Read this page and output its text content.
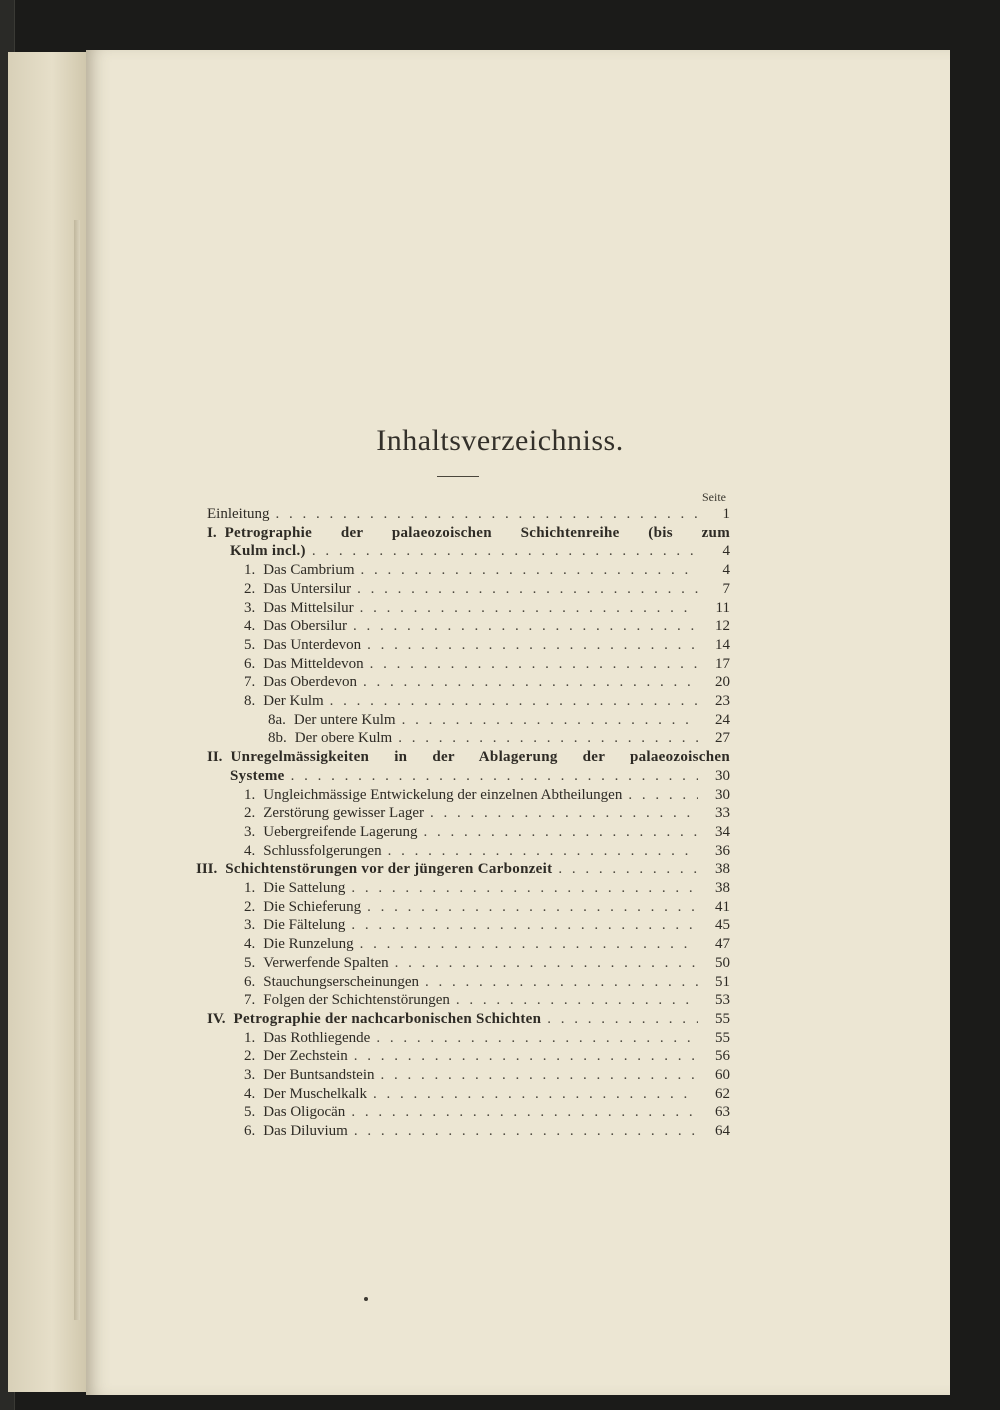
Inhaltsverzeichniss.
Seite
Einleitung . . .	1
I. Petrographie der palaeozoischen Schichtenreihe (bis zum
Kulm incl.) . . .	4
1. Das Cambrium . . .	4
2. Das Untersilur . . .	7
3. Das Mittelsilur . . .	11
4. Das Obersilur . . .	12
5. Das Unterdevon . . .	14
6. Das Mitteldevon . . .	17
7. Das Oberdevon . . .	20
8. Der Kulm . . .	23
8a. Der untere Kulm . . .	24
8b. Der obere Kulm . . .	27
II. Unregelmässigkeiten in der Ablagerung der palaeozoischen
Systeme . . .	30
1. Ungleichmässige Entwickelung der einzelnen Abtheilungen . . .	30
2. Zerstörung gewisser Lager . . .	33
3. Uebergreifende Lagerung . . .	34
4. Schlussfolgerungen . . .	36
III. Schichtenstörungen vor der jüngeren Carbonzeit . . .	38
1. Die Sattelung . . .	38
2. Die Schieferung . . .	41
3. Die Fältelung . . .	45
4. Die Runzelung . . .	47
5. Verwerfende Spalten . . .	50
6. Stauchungserscheinungen . . .	51
7. Folgen der Schichtenstörungen . . .	53
IV. Petrographie der nachcarbonischen Schichten . . .	55
1. Das Rothliegende . . .	55
2. Der Zechstein . . .	56
3. Der Buntsandstein . . .	60
4. Der Muschelkalk . . .	62
5. Das Oligocän . . .	63
6. Das Diluvium . . .	64
